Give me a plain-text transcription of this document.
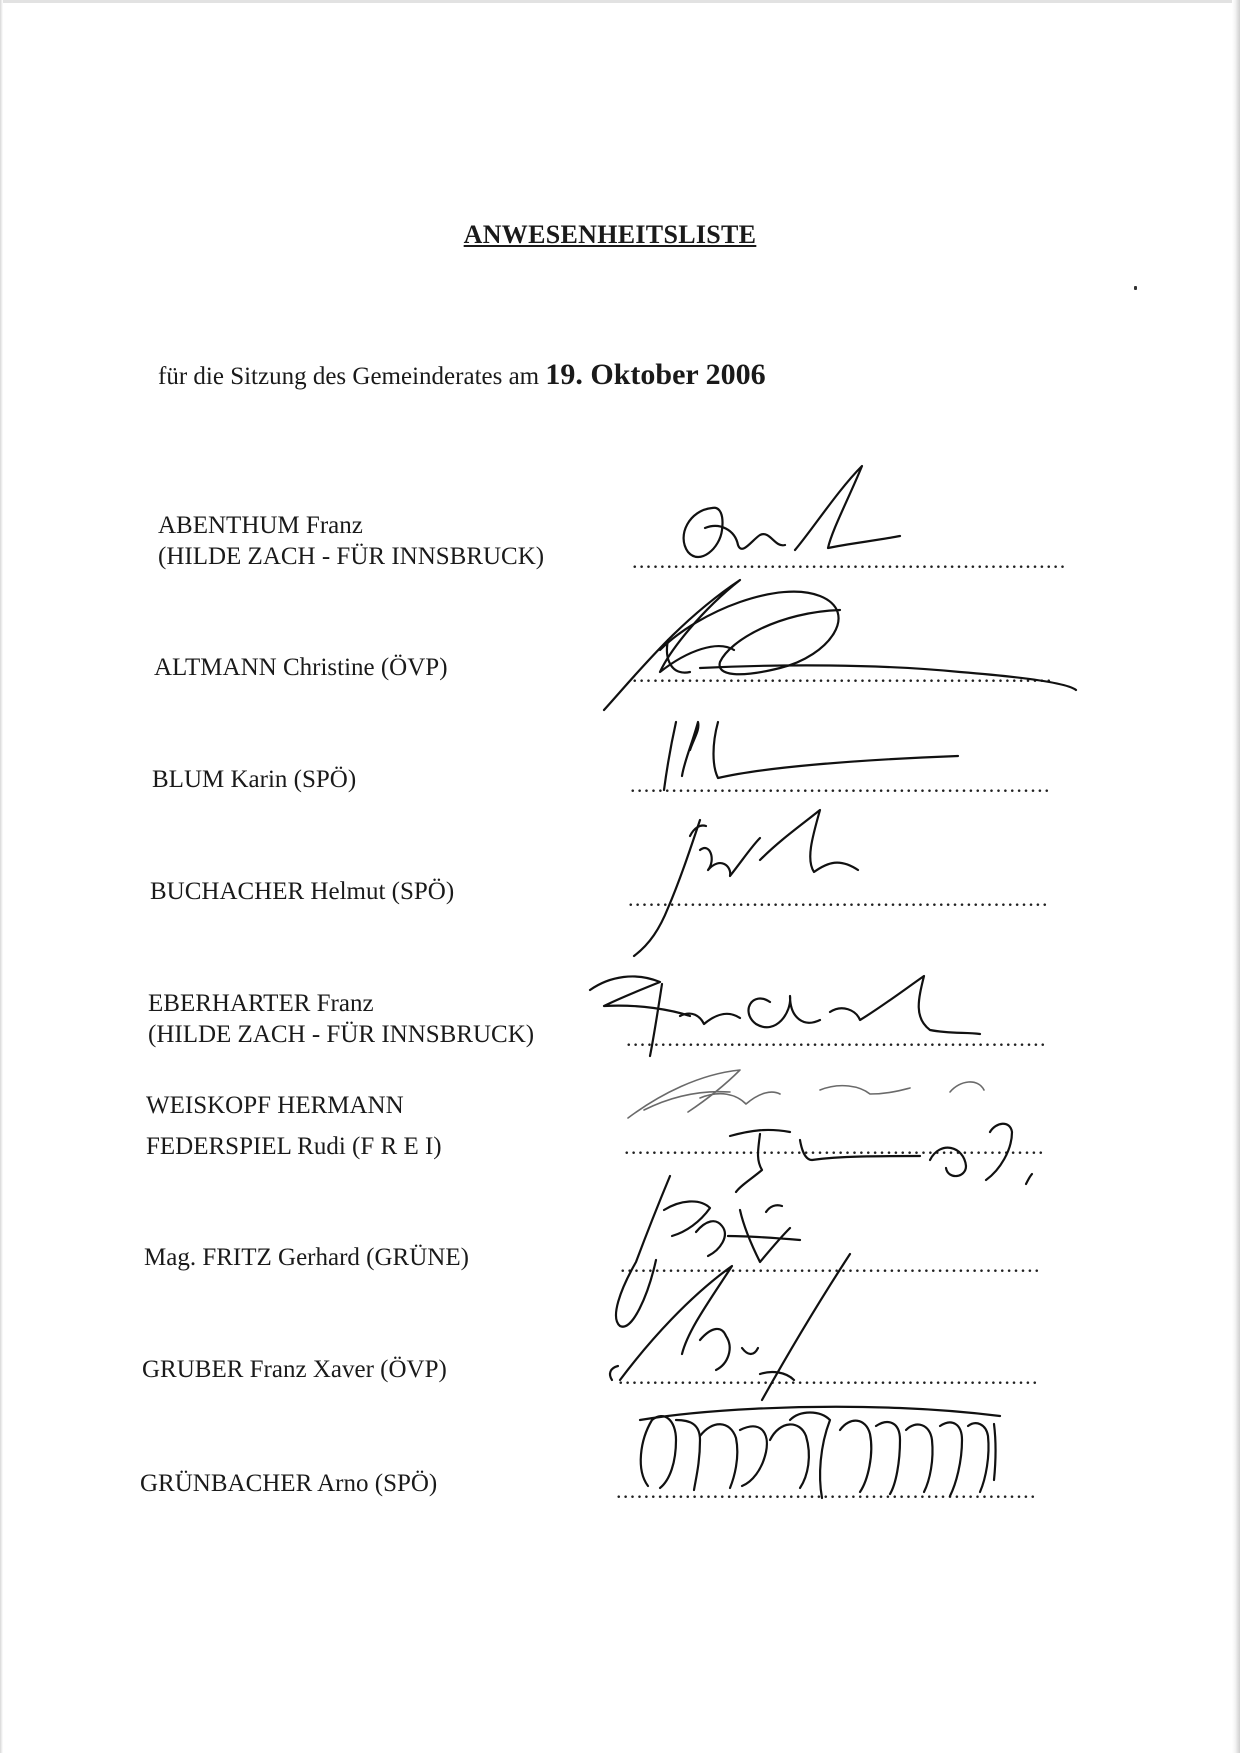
ANWESENHEITSLISTE
für die Sitzung des Gemeinderates am 19. Oktober 2006
ABENTHUM Franz
(HILDE ZACH - FÜR INNSBRUCK)	...............................................................
ALTMANN Christine (ÖVP)	.............................................................
BLUM Karin (SPÖ)	.............................................................
BUCHACHER Helmut (SPÖ)	.............................................................
EBERHARTER Franz
(HILDE ZACH - FÜR INNSBRUCK)	.............................................................
WEISKOPF HERMANN
FEDERSPIEL Rudi (F R E I)	.............................................................
Mag. FRITZ Gerhard (GRÜNE)	.............................................................
GRUBER Franz Xaver (ÖVP)	.............................................................
GRÜNBACHER Arno (SPÖ)	.............................................................
